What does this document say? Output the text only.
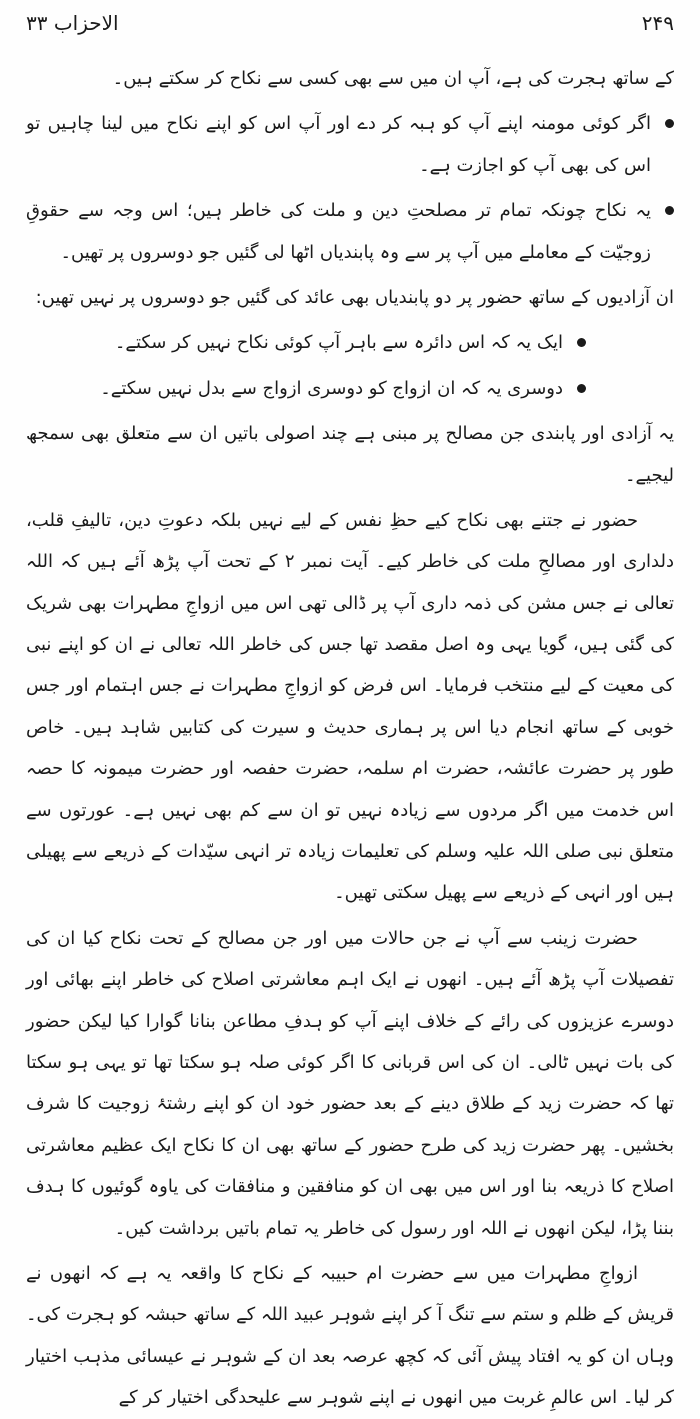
الاحزاب ۳۳	۲۴۹

کے ساتھ ہجرت کی ہے، آپ ان میں سے بھی کسی سے نکاح کر سکتے ہیں۔

اگر کوئی مومنہ اپنے آپ کو ہبہ کر دے اور آپ اس کو اپنے نکاح میں لینا چاہیں تو اس کی بھی آپ کو اجازت ہے۔
یہ نکاح چونکہ تمام تر مصلحتِ دین و ملت کی خاطر ہیں؛ اس وجہ سے حقوقِ زوجیّت کے معاملے میں آپ پر سے وہ پابندیاں اٹھا لی گئیں جو دوسروں پر تھیں۔

ان آزادیوں کے ساتھ حضور پر دو پابندیاں بھی عائد کی گئیں جو دوسروں پر نہیں تھیں:

ایک یہ کہ اس دائرہ سے باہر آپ کوئی نکاح نہیں کر سکتے۔
دوسری یہ کہ ان ازواج کو دوسری ازواج سے بدل نہیں سکتے۔

یہ آزادی اور پابندی جن مصالح پر مبنی ہے چند اصولی باتیں ان سے متعلق بھی سمجھ لیجیے۔

حضور نے جتنے بھی نکاح کیے حظِ نفس کے لیے نہیں بلکہ دعوتِ دین، تالیفِ قلب، دلداری اور مصالحِ ملت کی خاطر کیے۔ آیت نمبر ۲ کے تحت آپ پڑھ آئے ہیں کہ اللہ تعالی نے جس مشن کی ذمہ داری آپ پر ڈالی تھی اس میں ازواجِ مطہرات بھی شریک کی گئی ہیں، گویا یہی وہ اصل مقصد تھا جس کی خاطر اللہ تعالی نے ان کو اپنے نبی کی معیت کے لیے منتخب فرمایا۔ اس فرض کو ازواجِ مطہرات نے جس اہتمام اور جس خوبی کے ساتھ انجام دیا اس پر ہماری حدیث و سیرت کی کتابیں شاہد ہیں۔ خاص طور پر حضرت عائشہ، حضرت ام سلمہ، حضرت حفصہ اور حضرت میمونہ کا حصہ اس خدمت میں اگر مردوں سے زیادہ نہیں تو ان سے کم بھی نہیں ہے۔ عورتوں سے متعلق نبی صلی اللہ علیہ وسلم کی تعلیمات زیادہ تر انہی سیّدات کے ذریعے سے پھیلی ہیں اور انہی کے ذریعے سے پھیل سکتی تھیں۔

حضرت زینب سے آپ نے جن حالات میں اور جن مصالح کے تحت نکاح کیا ان کی تفصیلات آپ پڑھ آئے ہیں۔ انھوں نے ایک اہم معاشرتی اصلاح کی خاطر اپنے بھائی اور دوسرے عزیزوں کی رائے کے خلاف اپنے آپ کو ہدفِ مطاعن بنانا گوارا کیا لیکن حضور کی بات نہیں ٹالی۔ ان کی اس قربانی کا اگر کوئی صلہ ہو سکتا تھا تو یہی ہو سکتا تھا کہ حضرت زید کے طلاق دینے کے بعد حضور خود ان کو اپنے رشتۂ زوجیت کا شرف بخشیں۔ پھر حضرت زید کی طرح حضور کے ساتھ بھی ان کا نکاح ایک عظیم معاشرتی اصلاح کا ذریعہ بنا اور اس میں بھی ان کو منافقین و منافقات کی یاوہ گوئیوں کا ہدف بننا پڑا، لیکن انھوں نے اللہ اور رسول کی خاطر یہ تمام باتیں برداشت کیں۔

ازواجِ مطہرات میں سے حضرت ام حبیبہ کے نکاح کا واقعہ یہ ہے کہ انھوں نے قریش کے ظلم و ستم سے تنگ آ کر اپنے شوہر عبید اللہ کے ساتھ حبشہ کو ہجرت کی۔ وہاں ان کو یہ افتاد پیش آئی کہ کچھ عرصہ بعد ان کے شوہر نے عیسائی مذہب اختیار کر لیا۔ اس عالمِ غربت میں انھوں نے اپنے شوہر سے علیحدگی اختیار کر کے
